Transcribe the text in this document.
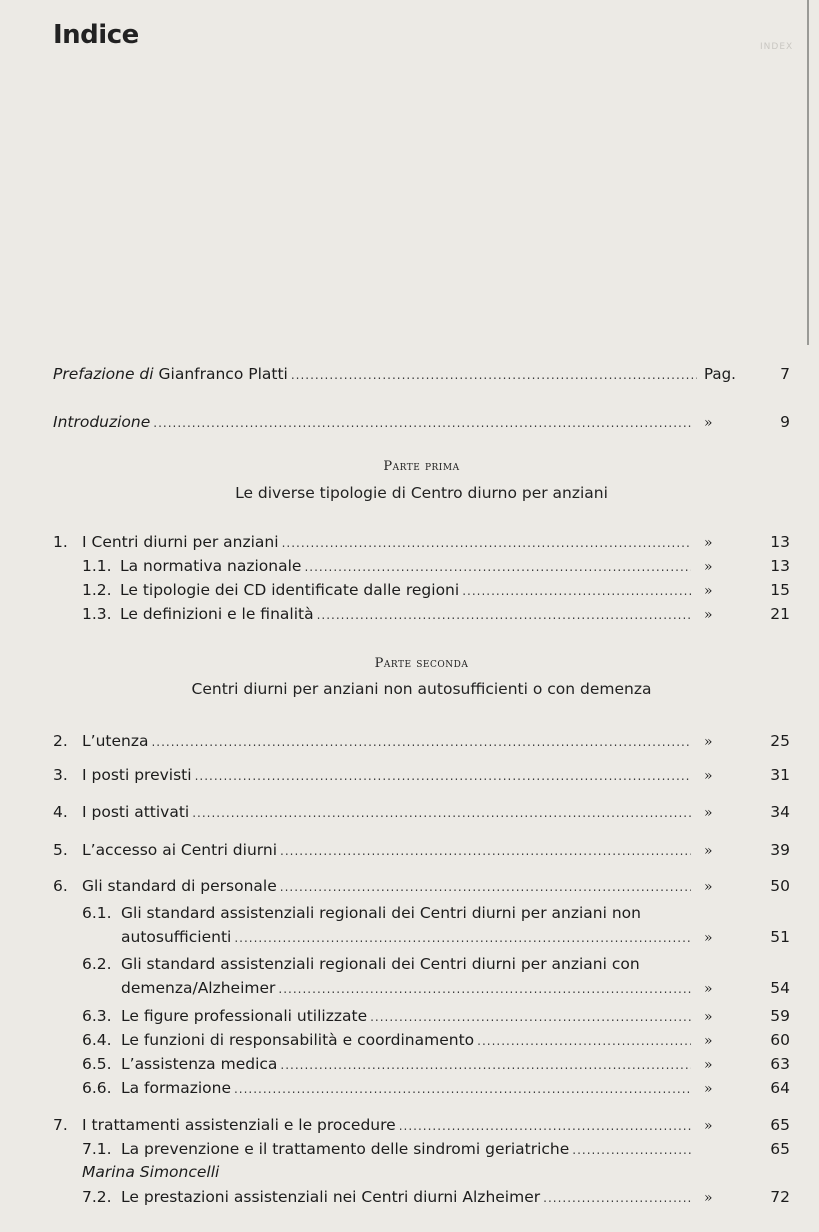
Indice	INDEX
Prefazione di Gianfranco Platti .....	Pag.	7
Introduzione .....	»	9
Parte prima
Le diverse tipologie di Centro diurno per anziani
1. I Centri diurni per anziani .....	»	13
1.1. La normativa nazionale .....	»	13
1.2. Le tipologie dei CD identificate dalle regioni .....	»	15
1.3. Le definizioni e le finalità .....	»	21
Parte seconda
Centri diurni per anziani non autosufficienti o con demenza
2. L’utenza .....	»	25
3. I posti previsti .....	»	31
4. I posti attivati .....	»	34
5. L’accesso ai Centri diurni .....	»	39
6. Gli standard di personale .....	»	50
6.1. Gli standard assistenziali regionali dei Centri diurni per anziani non
autosufficienti .....	»	51
6.2. Gli standard assistenziali regionali dei Centri diurni per anziani con
demenza/Alzheimer .....	»	54
6.3. Le figure professionali utilizzate .....	»	59
6.4. Le funzioni di responsabilità e coordinamento .....	»	60
6.5. L’assistenza medica .....	»	63
6.6. La formazione .....	»	64
7. I trattamenti assistenziali e le procedure .....	»	65
7.1. La prevenzione e il trattamento delle sindromi geriatriche .....	65
Marina Simoncelli
7.2. Le prestazioni assistenziali nei Centri diurni Alzheimer .....	»	72
